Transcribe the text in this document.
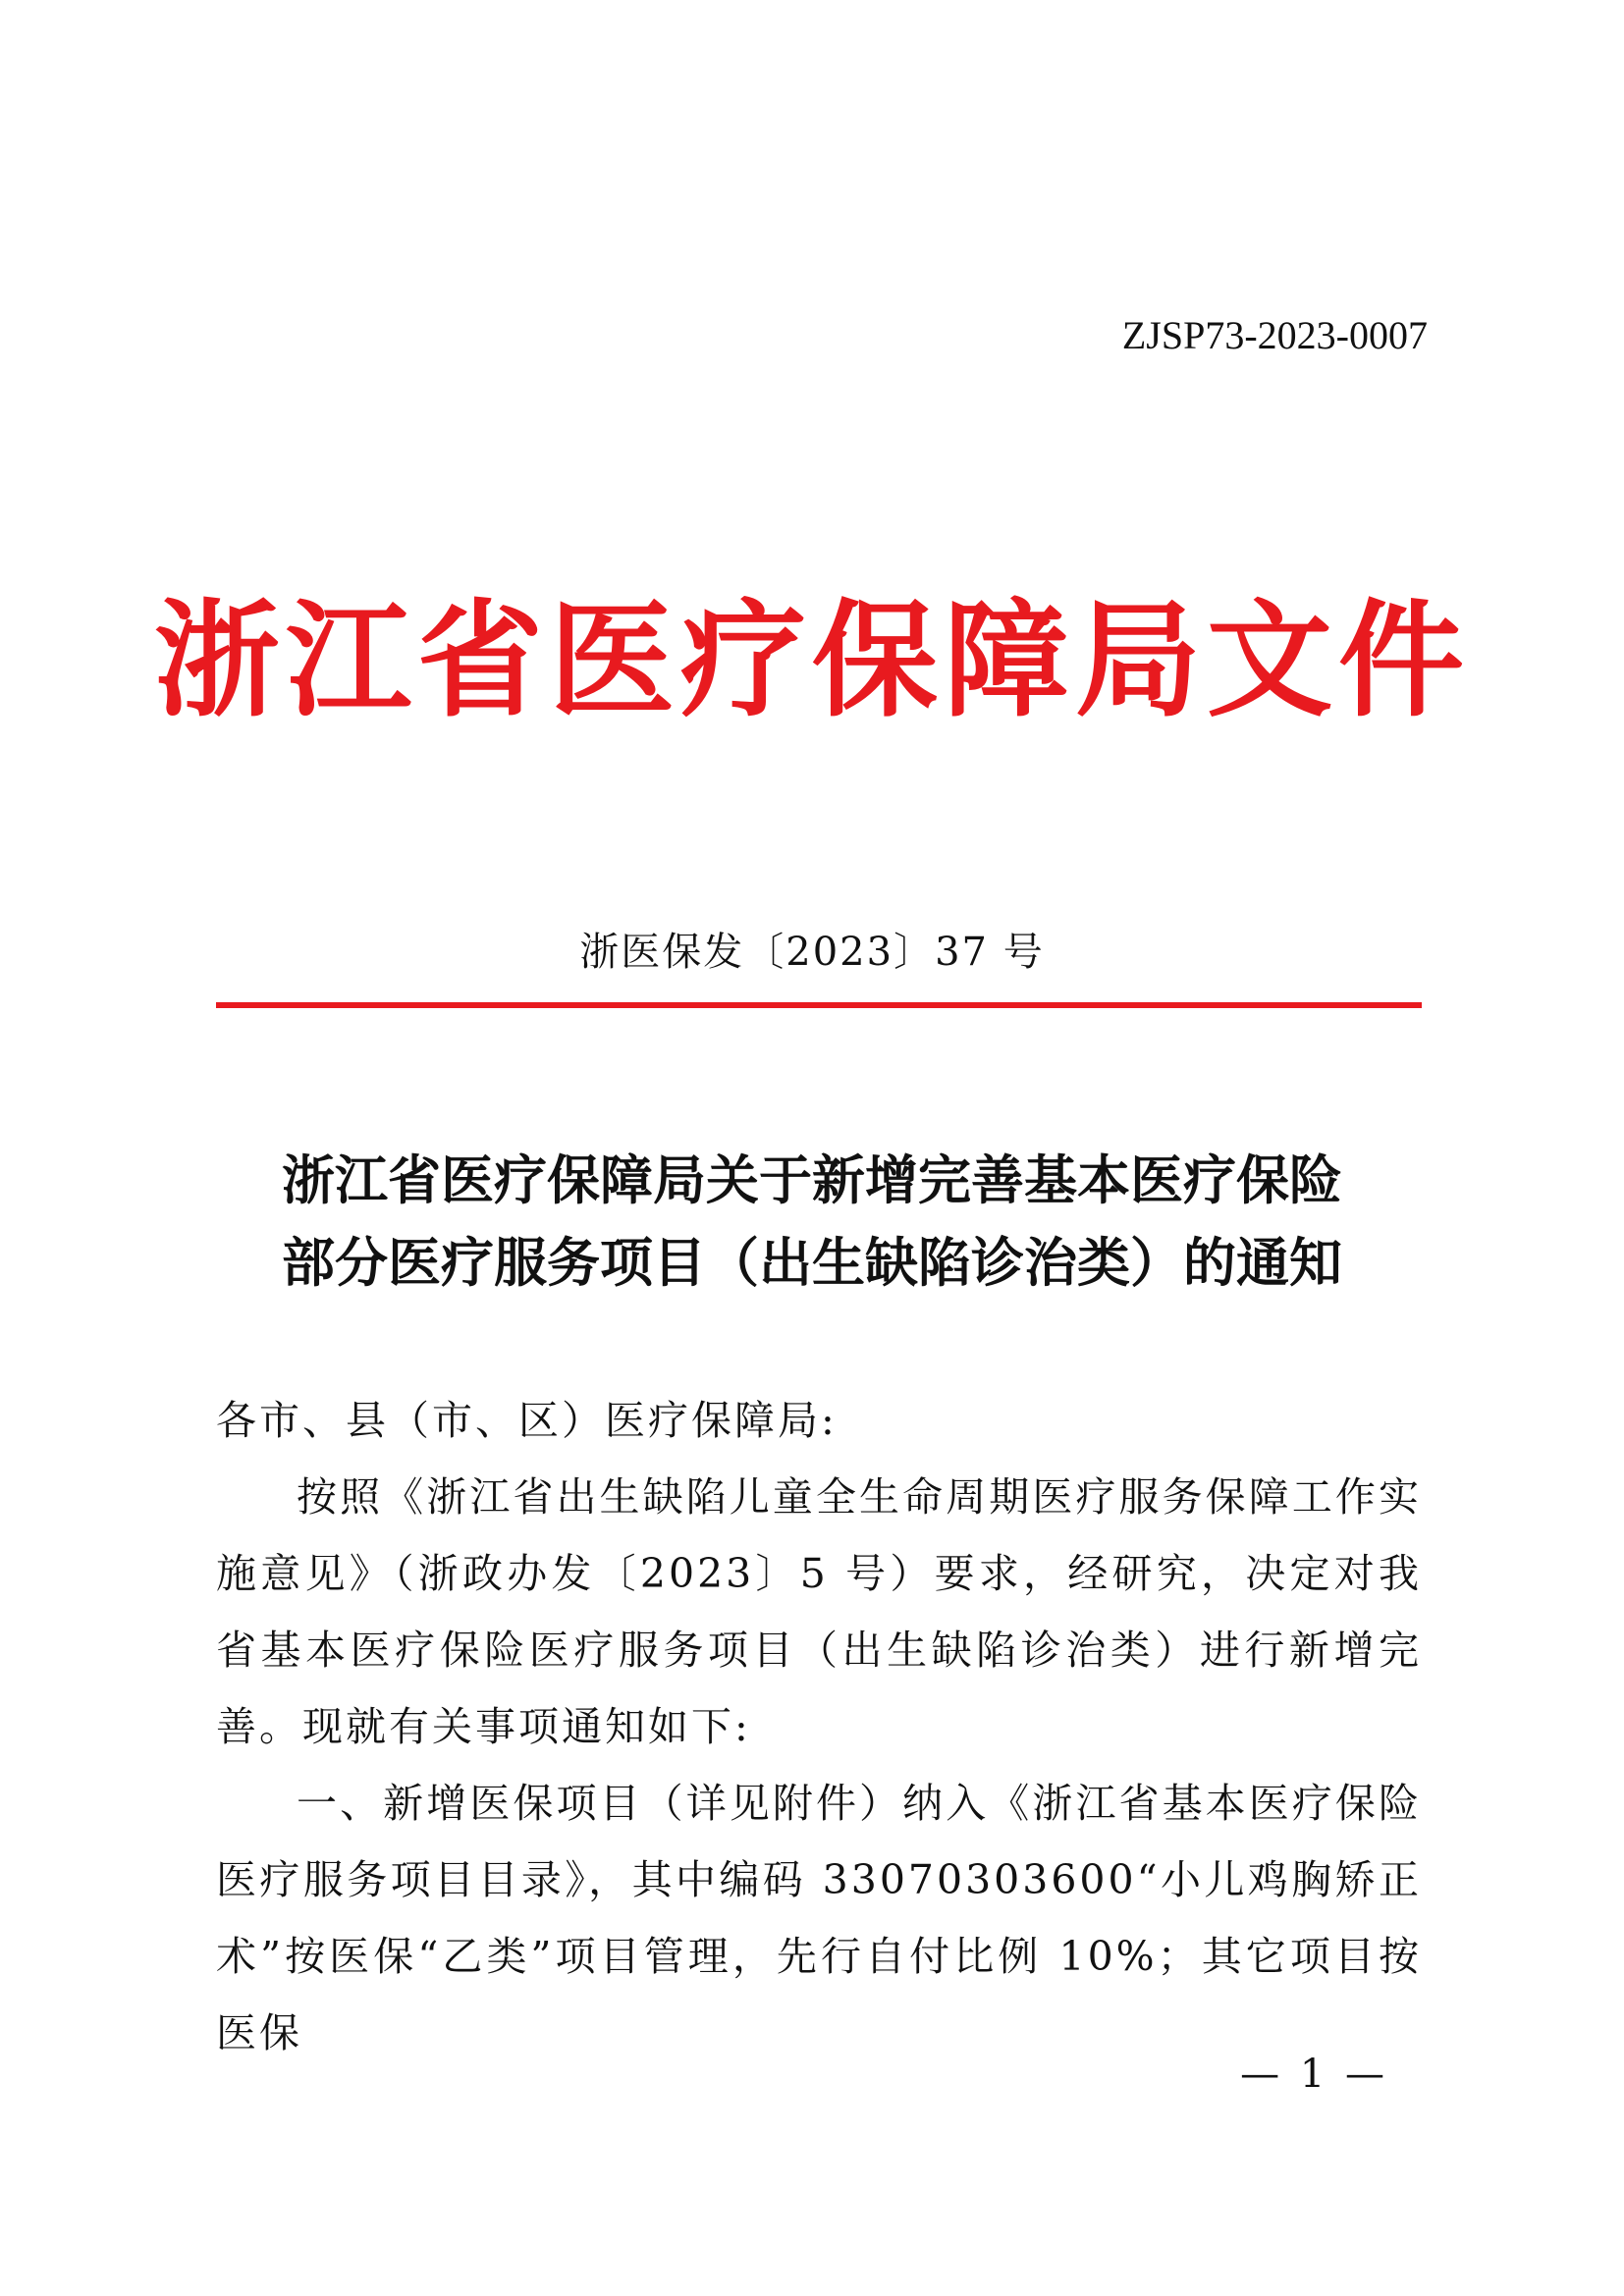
ZJSP73-2023-0007
浙江省医疗保障局文件
浙医保发〔2023〕37 号
浙江省医疗保障局关于新增完善基本医疗保险
部分医疗服务项目（出生缺陷诊治类）的通知

各市、县（市、区）医疗保障局:

按照《浙江省出生缺陷儿童全生命周期医疗服务保障工作实施意见》（浙政办发〔2023〕5 号）要求，经研究，决定对我省基本医疗保险医疗服务项目（出生缺陷诊治类）进行新增完善。现就有关事项通知如下:

一、新增医保项目（详见附件）纳入《浙江省基本医疗保险医疗服务项目目录》，其中编码 33070303600“小儿鸡胸矫正术”按医保“乙类”项目管理，先行自付比例 10%；其它项目按医保

— 1 —
